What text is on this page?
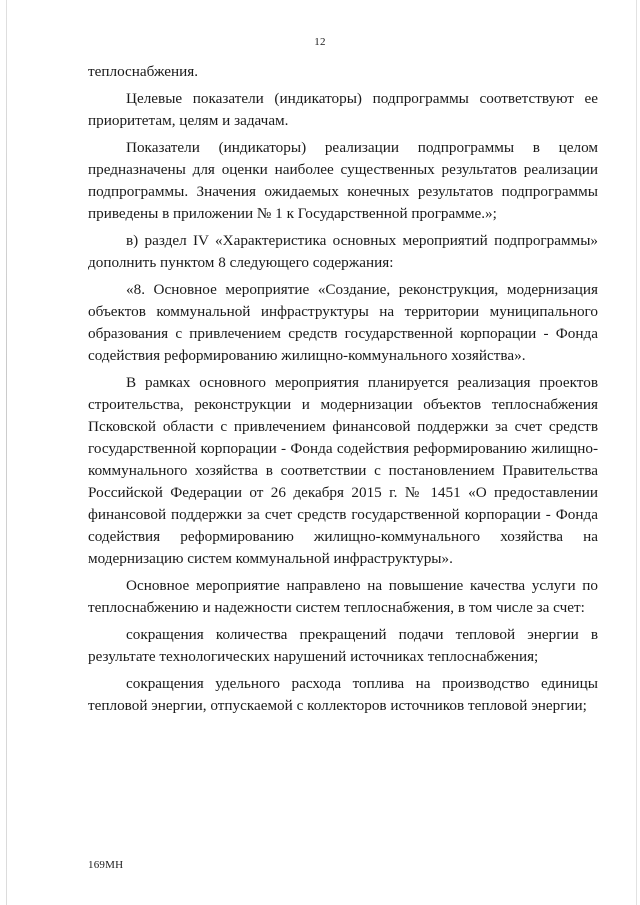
12

теплоснабжения.

Целевые показатели (индикаторы) подпрограммы соответствуют ее приоритетам, целям и задачам.

Показатели (индикаторы) реализации подпрограммы в целом предназначены для оценки наиболее существенных результатов реализации подпрограммы. Значения ожидаемых конечных результатов подпрограммы приведены в приложении № 1 к Государственной программе.»;

в) раздел IV «Характеристика основных мероприятий подпрограммы» дополнить пунктом 8 следующего содержания:

«8. Основное мероприятие «Создание, реконструкция, модернизация объектов коммунальной инфраструктуры на территории муниципального образования с привлечением средств государственной корпорации - Фонда содействия реформированию жилищно-коммунального хозяйства».

В рамках основного мероприятия планируется реализация проектов строительства, реконструкции и модернизации объектов теплоснабжения Псковской области с привлечением финансовой поддержки за счет средств государственной корпорации - Фонда содействия реформированию жилищно-коммунального хозяйства в соответствии с постановлением Правительства Российской Федерации от 26 декабря 2015 г. № 1451 «О предоставлении финансовой поддержки за счет средств государственной корпорации - Фонда содействия реформированию жилищно-коммунального хозяйства на модернизацию систем коммунальной инфраструктуры».

Основное мероприятие направлено на повышение качества услуги по теплоснабжению и надежности систем теплоснабжения, в том числе за счет:

сокращения количества прекращений подачи тепловой энергии в результате технологических нарушений источниках теплоснабжения;

сокращения удельного расхода топлива на производство единицы тепловой энергии, отпускаемой с коллекторов источников тепловой энергии;

169МН
